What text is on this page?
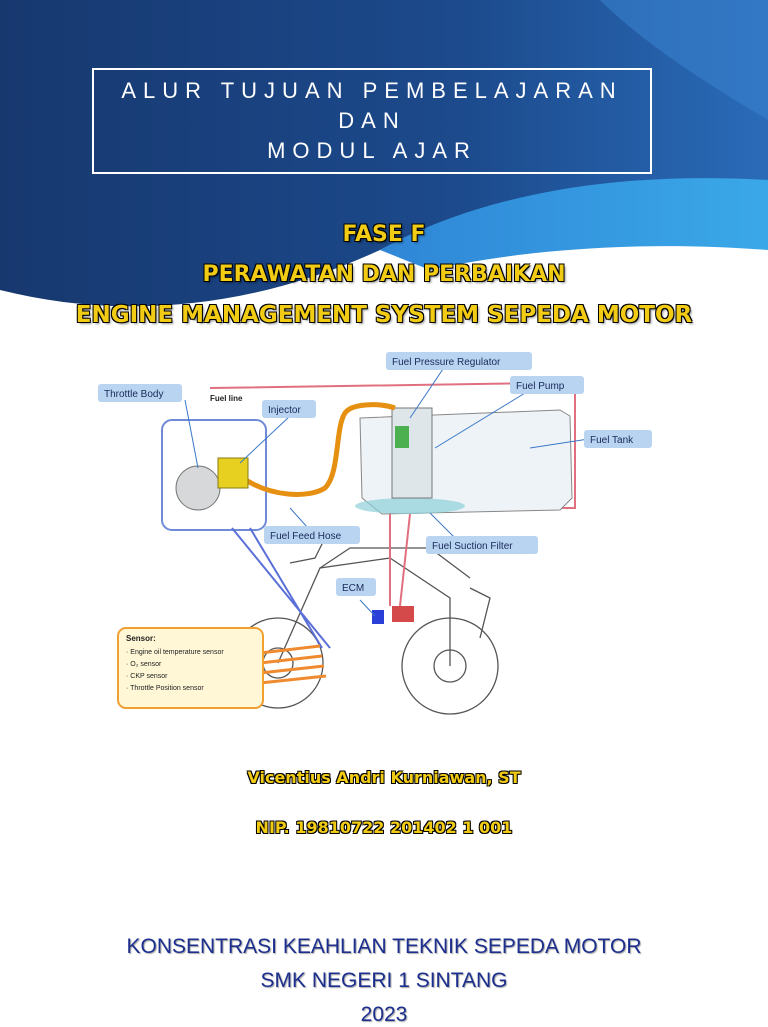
ALUR TUJUAN PEMBELAJARAN
DAN
MODUL AJAR
FASE F
PERAWATAN DAN PERBAIKAN
ENGINE MANAGEMENT SYSTEM SEPEDA MOTOR
Throttle Body	Fuel line
Injector
Fuel Pressure Regulator
Fuel Pump
Fuel Tank
Fuel Feed Hose
Fuel Suction Filter
ECM
Sensor:
· Engine oil temperature sensor
· O₂ sensor
· CKP sensor
· Throttle Position sensor
Vicentius Andri Kurniawan, ST
NIP. 19810722 201402 1 001
KONSENTRASI KEAHLIAN TEKNIK SEPEDA MOTOR
SMK NEGERI 1 SINTANG
2023
